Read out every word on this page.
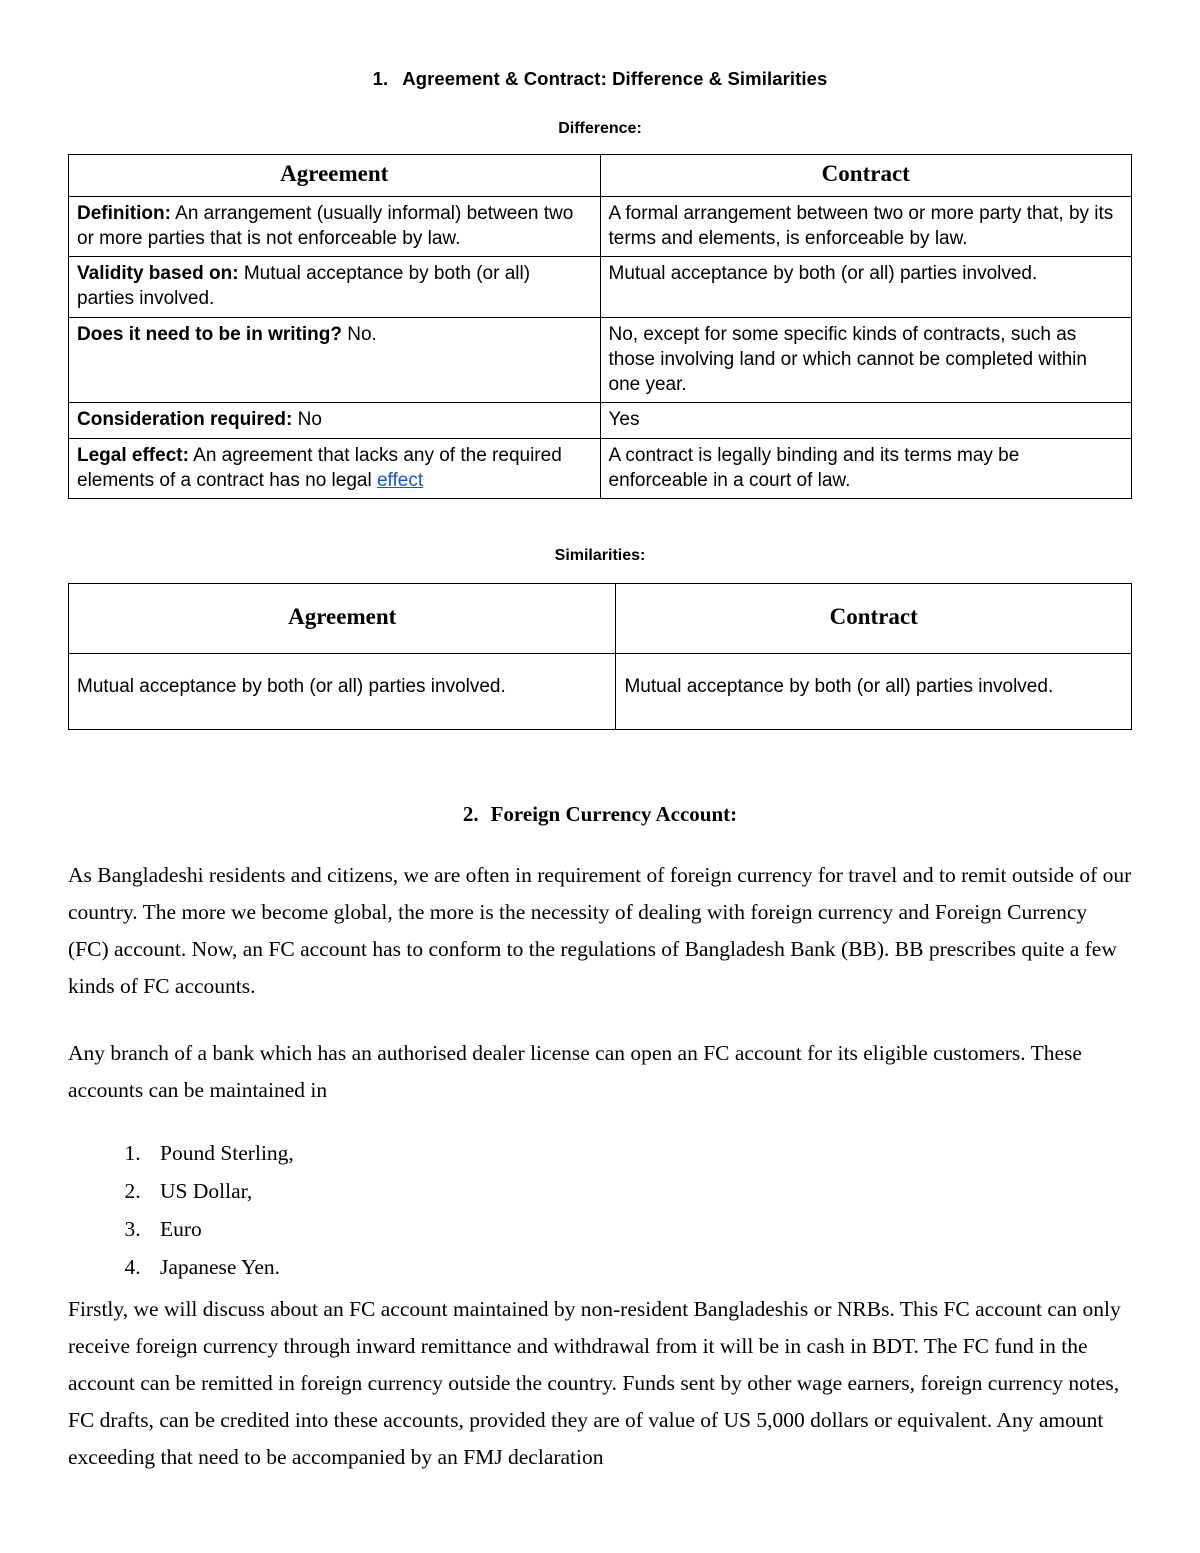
1. Agreement & Contract: Difference & Similarities
Difference:
Agreement	Contract
Definition: An arrangement (usually informal) between two or more parties that is not enforceable by law.	A formal arrangement between two or more party that, by its terms and elements, is enforceable by law.
Validity based on: Mutual acceptance by both (or all) parties involved.	Mutual acceptance by both (or all) parties involved.
Does it need to be in writing? No.	No, except for some specific kinds of contracts, such as those involving land or which cannot be completed within one year.
Consideration required: No	Yes
Legal effect: An agreement that lacks any of the required elements of a contract has no legal effect	A contract is legally binding and its terms may be enforceable in a court of law.
Similarities:
Agreement	Contract
Mutual acceptance by both (or all) parties involved.	Mutual acceptance by both (or all) parties involved.
2. Foreign Currency Account:

As Bangladeshi residents and citizens, we are often in requirement of foreign currency for travel and to remit outside of our country. The more we become global, the more is the necessity of dealing with foreign currency and Foreign Currency (FC) account. Now, an FC account has to conform to the regulations of Bangladesh Bank (BB). BB prescribes quite a few kinds of FC accounts.

Any branch of a bank which has an authorised dealer license can open an FC account for its eligible customers. These accounts can be maintained in

1. Pound Sterling,
2. US Dollar,
3. Euro
4. Japanese Yen.

Firstly, we will discuss about an FC account maintained by non-resident Bangladeshis or NRBs. This FC account can only receive foreign currency through inward remittance and withdrawal from it will be in cash in BDT. The FC fund in the account can be remitted in foreign currency outside the country. Funds sent by other wage earners, foreign currency notes, FC drafts, can be credited into these accounts, provided they are of value of US 5,000 dollars or equivalent. Any amount exceeding that need to be accompanied by an FMJ declaration
